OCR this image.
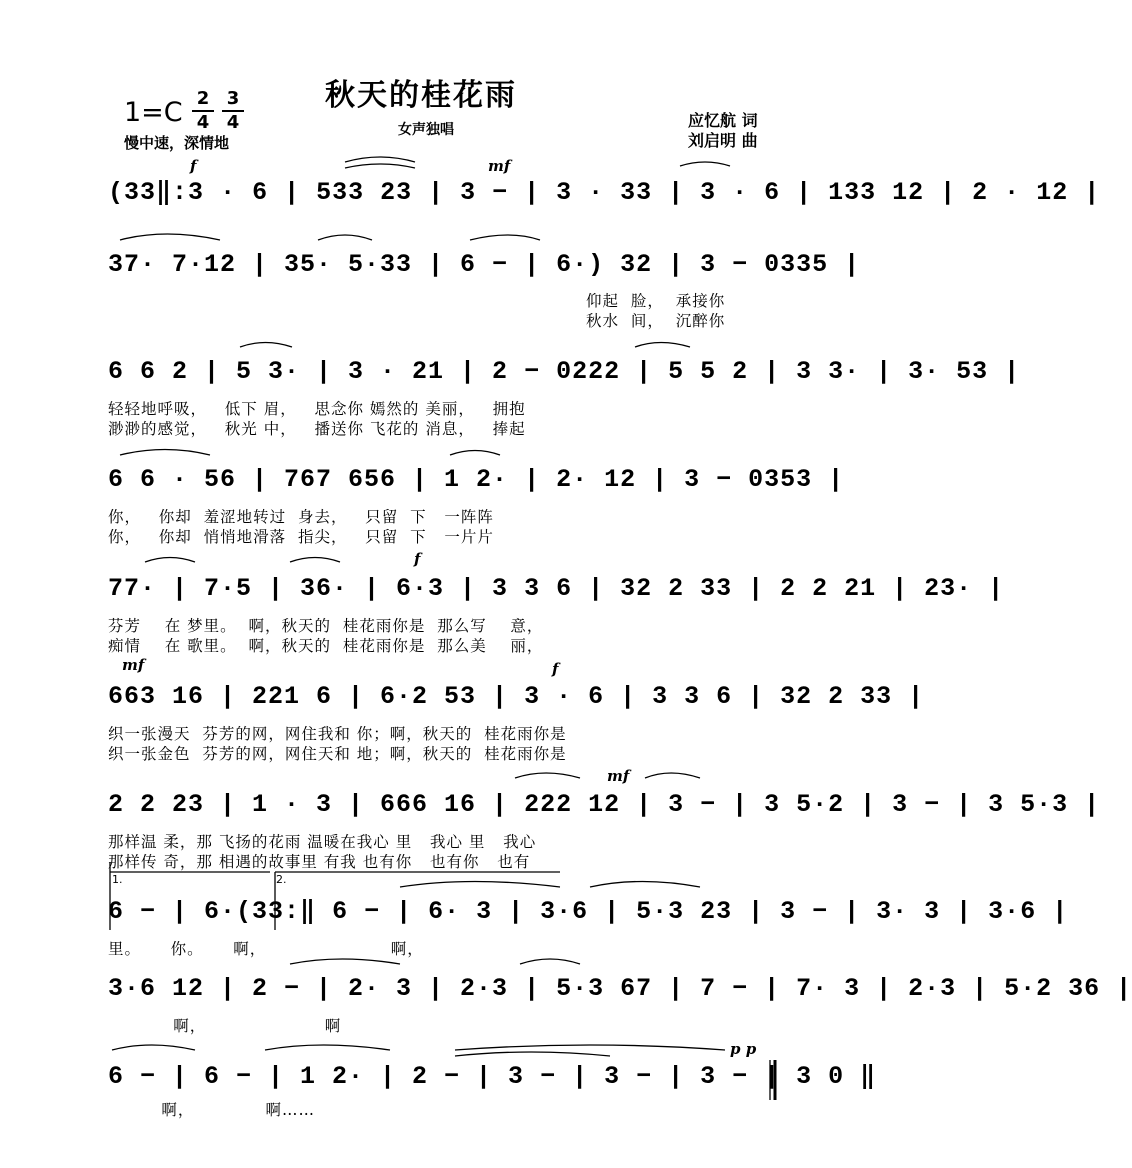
秋天的桂花雨
$1=C \frac{2}{4} \frac{3}{4}$
慢中速，深情地
女声独唱	应忆航 词
刘启明 曲
(33‖:3 · 6 | 533 23 | 3 − | 3 · 33 | 3 · 6 | 133 12 | 2 · 12 |
f	mf
37· 7·12 | 35· 5·33 | 6 − | 6·) 32 | 3 − 0335 |
仰起  脸，  承接你
秋水  间，  沉醉你
6 6 2 | 5 3· | 3 · 21 | 2 − 0222 | 5 5 2 | 3 3· | 3· 53 |
轻轻地呼吸，   低下 眉，   思念你 嫣然的 美丽，   拥抱
渺渺的感觉，   秋光 中，   播送你 飞花的 消息，   捧起
6 6 · 56 | 767 656 | 1 2· | 2· 12 | 3 − 0353 |
你，   你却  羞涩地转过  身去，   只留  下   一阵阵
你，   你却  悄悄地滑落  指尖，   只留  下   一片片
77· | 7·5 | 36· | 6·3 | 3 3 6 | 32 2 33 | 2 2 21 | 23· |
芬芳    在 梦里。  啊，秋天的  桂花雨你是  那么写    意，
痴情    在 歌里。  啊，秋天的  桂花雨你是  那么美    丽，
f
663 16 | 221 6 | 6·2 53 | 3 · 6 | 3 3 6 | 32 2 33 |
织一张漫天  芬芳的网，网住我和 你；啊，秋天的  桂花雨你是
织一张金色  芬芳的网，网住天和 地；啊，秋天的  桂花雨你是
mf	f
2 2 23 | 1 · 3 | 666 16 | 222 12 | 3 − | 3 5·2 | 3 − | 3 5·3 |
那样温 柔，那 飞扬的花雨 温暖在我心 里   我心 里   我心
那样传 奇，那 相遇的故事里 有我 也有你   也有你   也有
mf
6 − | 6·(33:‖ 6 − | 6· 3 | 3·6 | 5·3 23 | 3 − | 3· 3 | 3·6 |
里。     你。     啊，                     啊，
1.	2.
3·6 12 | 2 − | 2· 3 | 2·3 | 5·3 67 | 7 − | 7· 3 | 2·3 | 5·2 36 |
啊，                    啊
6 − | 6 − | 1 2· | 2 − | 3 − | 3 − | 3 − | 3 0 ‖
啊，            啊……
p p
